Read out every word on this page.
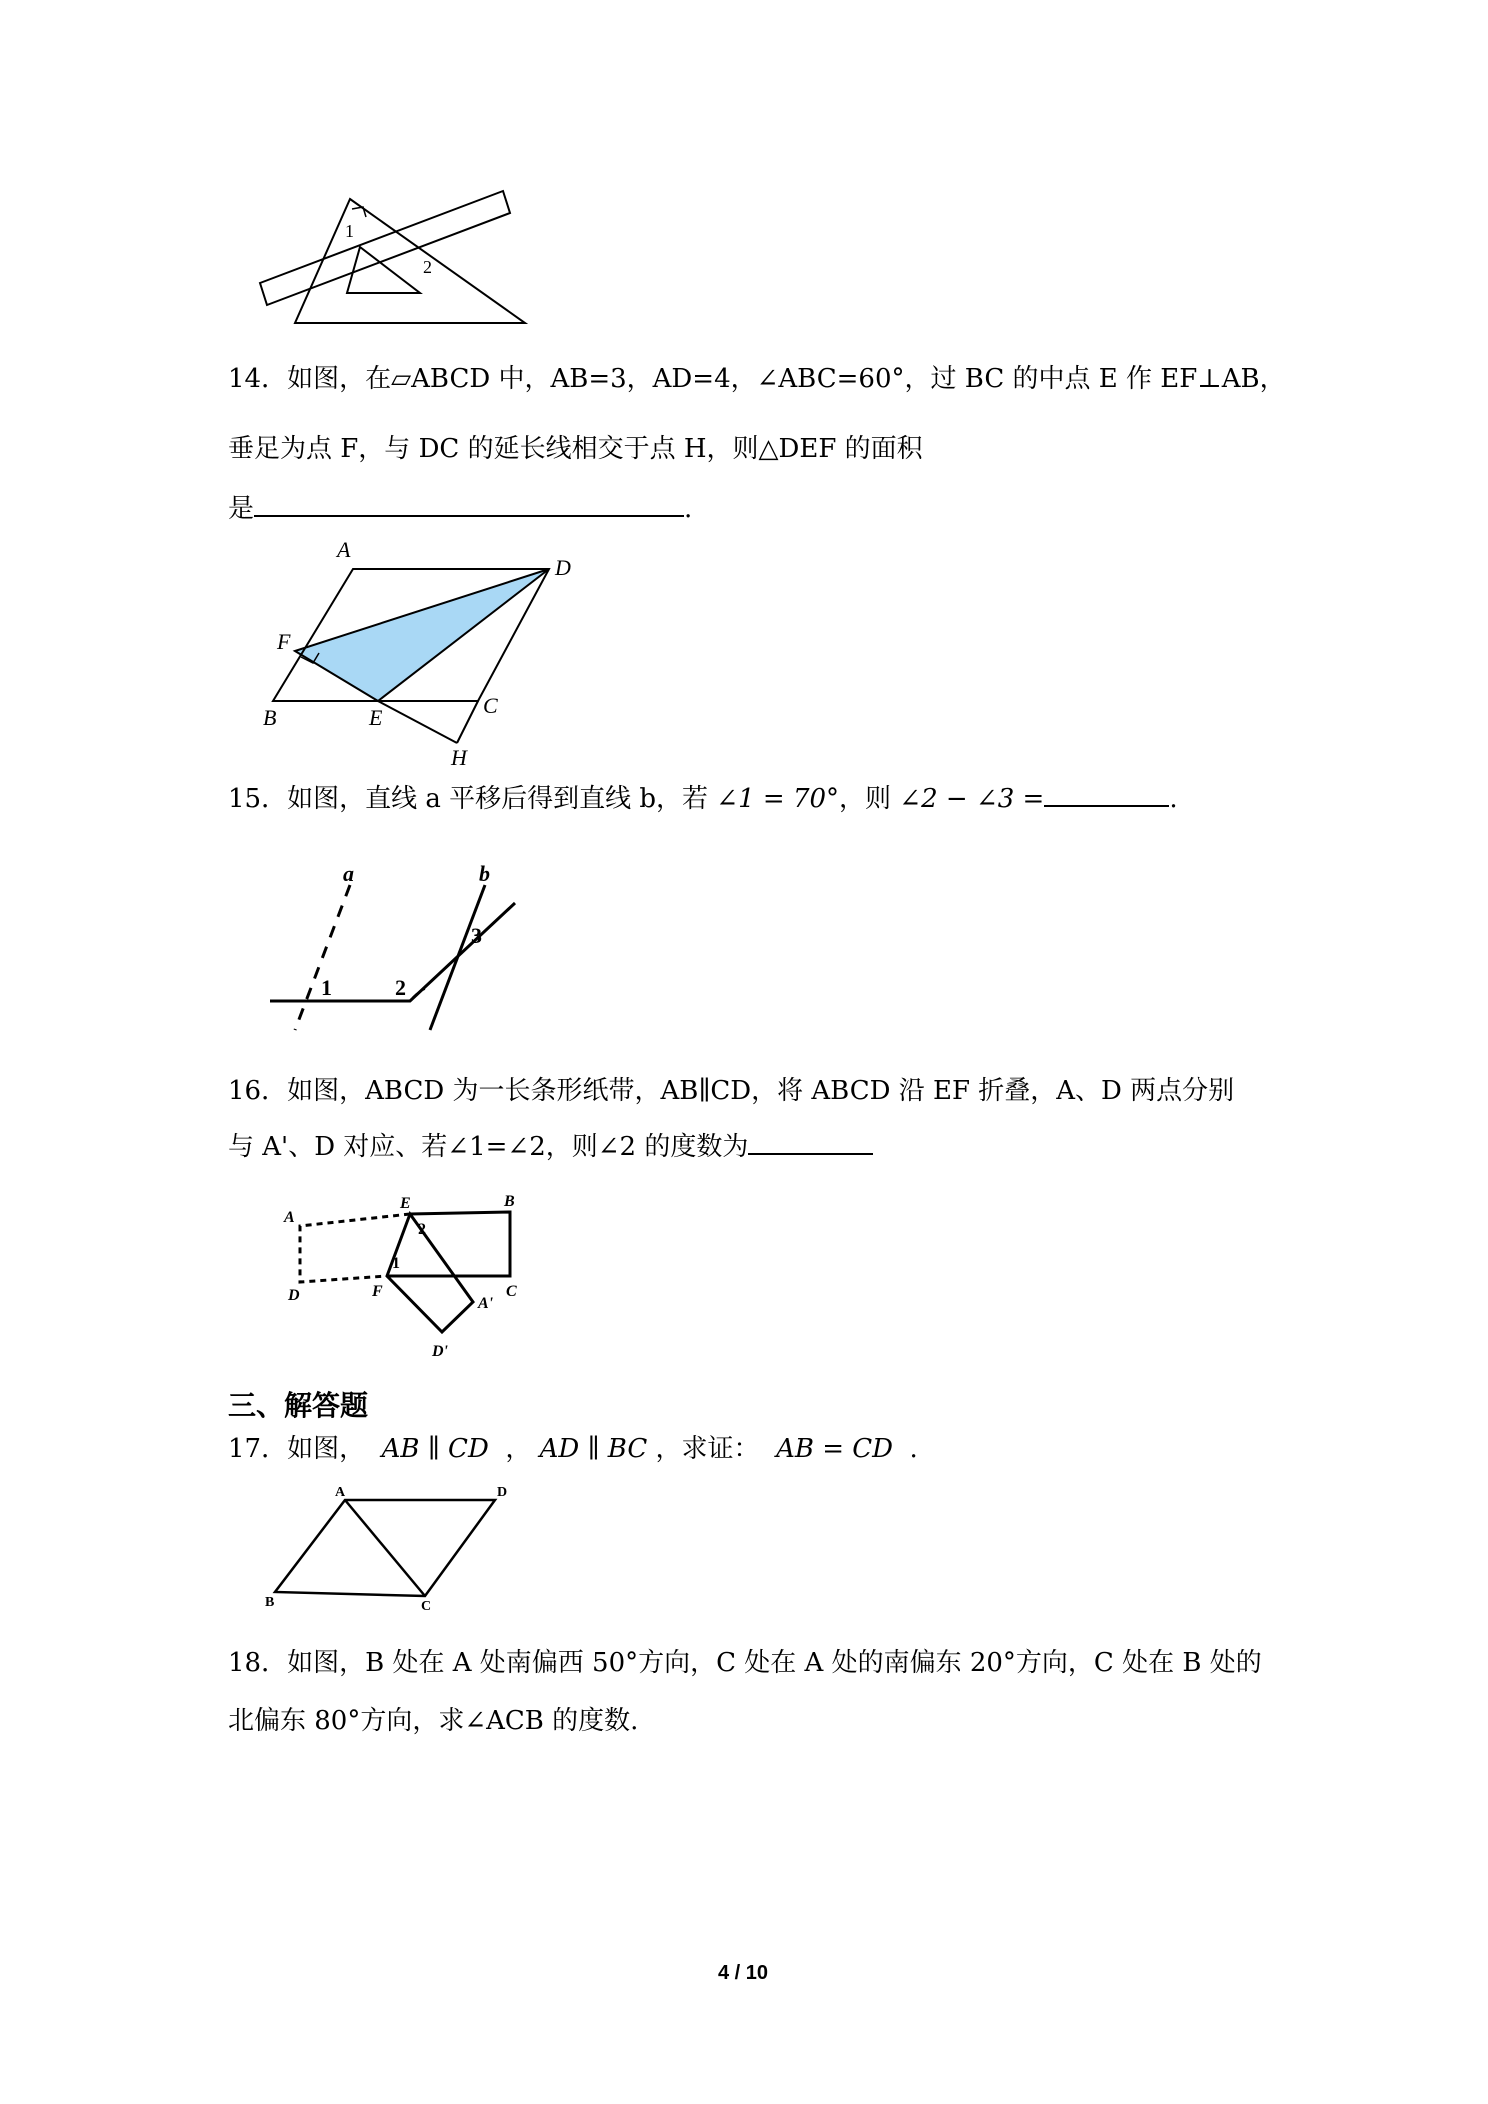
1
2
14．如图，在▱ABCD 中，AB=3，AD=4，∠ABC=60°，过 BC 的中点 E 作 EF⊥AB，
垂足为点 F，与 DC 的延长线相交于点 H，则△DEF 的面积
是	.
A
D
F
B	E	C
H
15．如图，直线 a 平移后得到直线 b，若 ∠1 = 70°，则 ∠2 − ∠3 =	.
a	b
1	2
3
16．如图，ABCD 为一长条形纸带，AB∥CD，将 ABCD 沿 EF 折叠，A、D 两点分别
与 A'、D 对应、若∠1=∠2，则∠2 的度数为
A
E	B
2
1
C
D	F
A'
D'
三、解答题
17．如图， AB ∥ CD ， AD ∥ BC ，求证： AB = CD .
A	D
B	C
18．如图，B 处在 A 处南偏西 50°方向，C 处在 A 处的南偏东 20°方向，C 处在 B 处的
北偏东 80°方向，求∠ACB 的度数.
4 / 10
